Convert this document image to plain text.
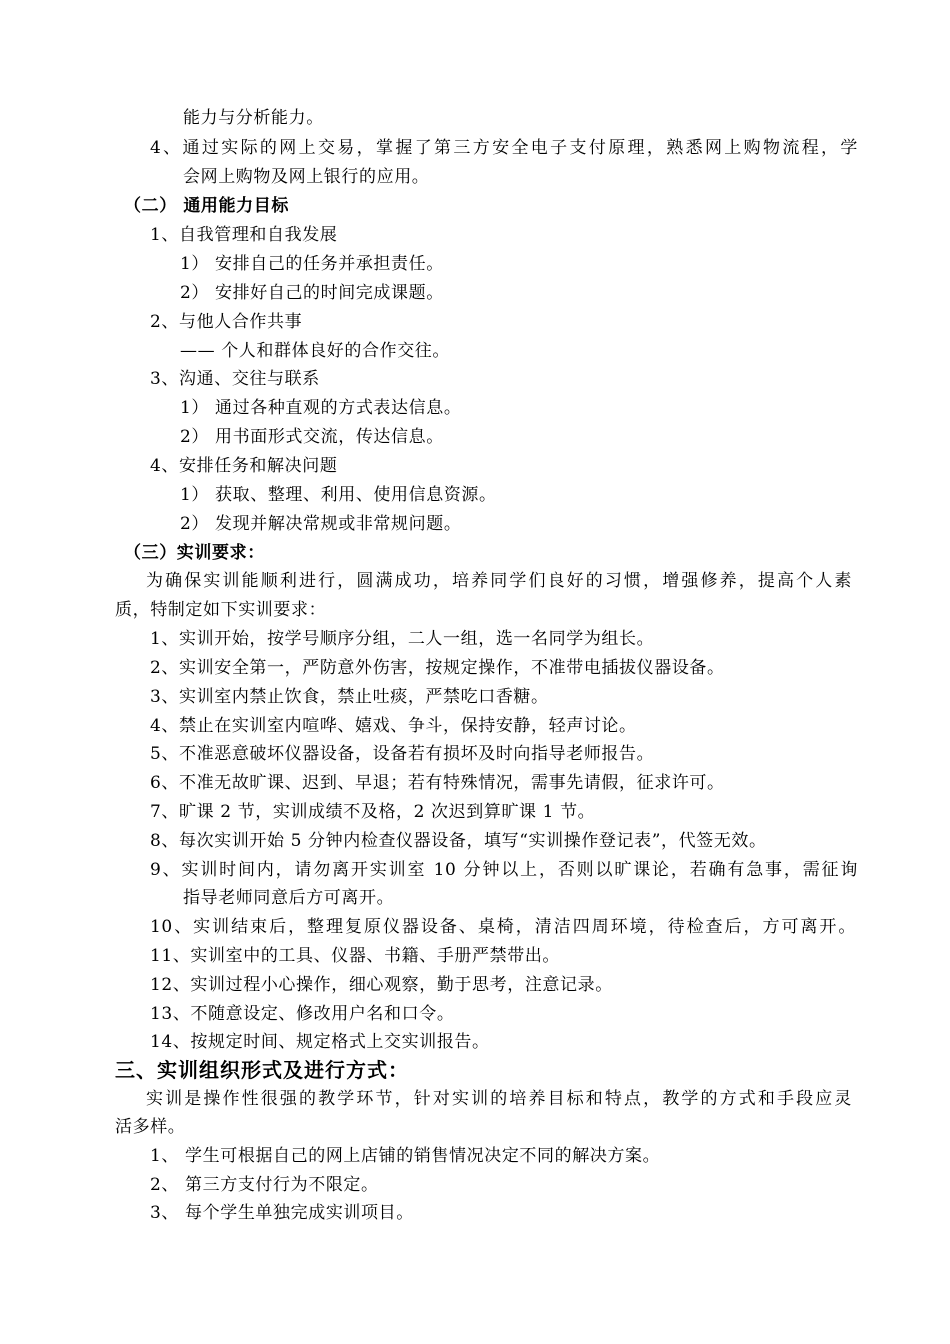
能力与分析能力。
4、通过实际的网上交易，掌握了第三方安全电子支付原理，熟悉网上购物流程，学
会网上购物及网上银行的应用。
（二） 通用能力目标
1、自我管理和自我发展
1） 安排自己的任务并承担责任。
2） 安排好自己的时间完成课题。
2、与他人合作共事
—— 个人和群体良好的合作交往。
3、沟通、交往与联系
1） 通过各种直观的方式表达信息。
2） 用书面形式交流，传达信息。
4、安排任务和解决问题
1） 获取、整理、利用、使用信息资源。
2） 发现并解决常规或非常规问题。
（三）实训要求：
为确保实训能顺利进行，圆满成功，培养同学们良好的习惯，增强修养，提高个人素
质，特制定如下实训要求：
1、实训开始，按学号顺序分组，二人一组，选一名同学为组长。
2、实训安全第一，严防意外伤害，按规定操作，不准带电插拔仪器设备。
3、实训室内禁止饮食，禁止吐痰，严禁吃口香糖。
4、禁止在实训室内喧哗、嬉戏、争斗，保持安静，轻声讨论。
5、不准恶意破坏仪器设备，设备若有损坏及时向指导老师报告。
6、不准无故旷课、迟到、早退；若有特殊情况，需事先请假，征求许可。
7、旷课 2 节，实训成绩不及格，2 次迟到算旷课 1 节。
8、每次实训开始 5 分钟内检查仪器设备，填写“实训操作登记表”，代签无效。
9、实训时间内，请勿离开实训室 10 分钟以上，否则以旷课论，若确有急事，需征询
指导老师同意后方可离开。
10、实训结束后，整理复原仪器设备、桌椅，清洁四周环境，待检查后，方可离开。
11、实训室中的工具、仪器、书籍、手册严禁带出。
12、实训过程小心操作，细心观察，勤于思考，注意记录。
13、不随意设定、修改用户名和口令。
14、按规定时间、规定格式上交实训报告。
三、实训组织形式及进行方式：
实训是操作性很强的教学环节，针对实训的培养目标和特点，教学的方式和手段应灵
活多样。
1、 学生可根据自己的网上店铺的销售情况决定不同的解决方案。
2、 第三方支付行为不限定。
3、 每个学生单独完成实训项目。
